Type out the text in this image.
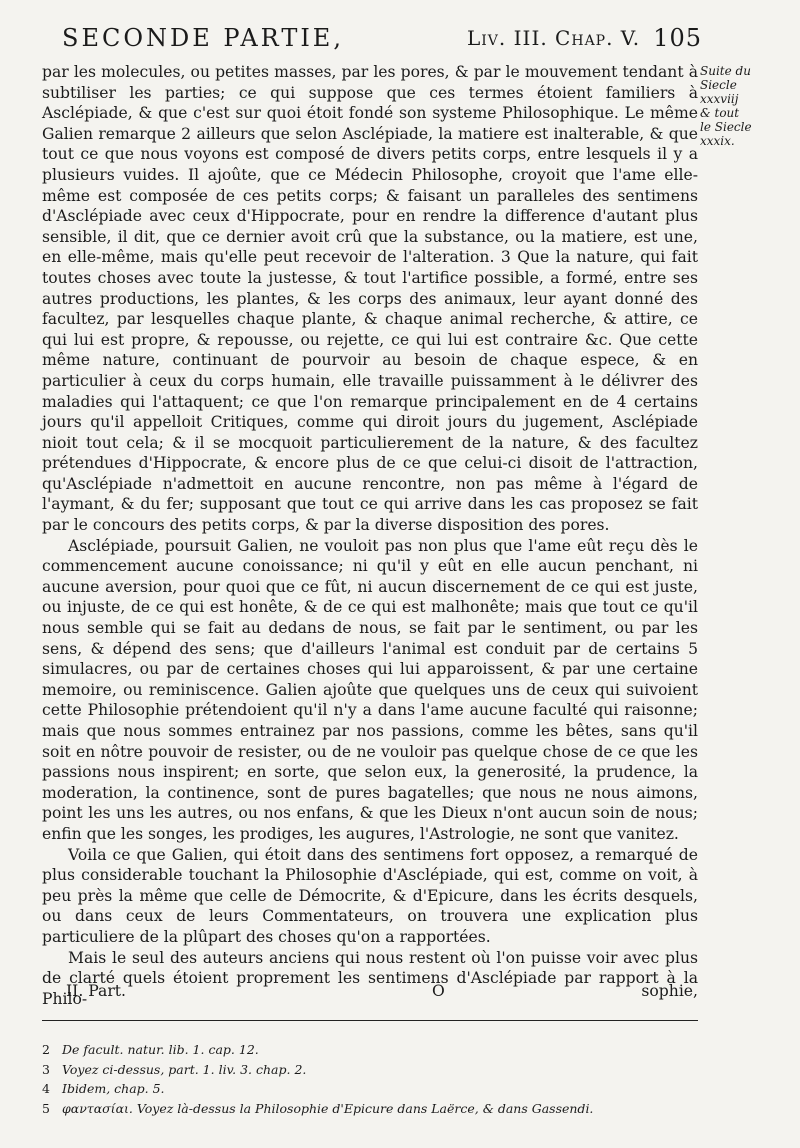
SECONDE PARTIE,	Liv. III. Chap. V. 105
Suite du
Siecle
xxxviij
& tout
le Siecle
xxxix.

par les molecules, ou petites masses, par les pores, & par le mouvement tendant à subtiliser les parties; ce qui suppose que ces termes étoient familiers à Asclépiade, & que c'est sur quoi étoit fondé son systeme Philosophique. Le même Galien remarque 2 ailleurs que selon Asclépiade, la matiere est inalterable, & que tout ce que nous voyons est composé de divers petits corps, entre lesquels il y a plusieurs vuides. Il ajoûte, que ce Médecin Philosophe, croyoit que l'ame elle-même est composée de ces petits corps; & faisant un paralleles des sentimens d'Asclépiade avec ceux d'Hippocrate, pour en rendre la difference d'autant plus sensible, il dit, que ce dernier avoit crû que la substance, ou la matiere, est une, en elle-même, mais qu'elle peut recevoir de l'alteration. 3 Que la nature, qui fait toutes choses avec toute la justesse, & tout l'artifice possible, a formé, entre ses autres productions, les plantes, & les corps des animaux, leur ayant donné des facultez, par lesquelles chaque plante, & chaque animal recherche, & attire, ce qui lui est propre, & repousse, ou rejette, ce qui lui est contraire &c. Que cette même nature, continuant de pourvoir au besoin de chaque espece, & en particulier à ceux du corps humain, elle travaille puissamment à le délivrer des maladies qui l'attaquent; ce que l'on remarque principalement en de 4 certains jours qu'il appelloit Critiques, comme qui diroit jours du jugement, Asclépiade nioit tout cela; & il se mocquoit particulierement de la nature, & des facultez prétendues d'Hippocrate, & encore plus de ce que celui-ci disoit de l'attraction, qu'Asclépiade n'admettoit en aucune rencontre, non pas même à l'égard de l'aymant, & du fer; supposant que tout ce qui arrive dans les cas proposez se fait par le concours des petits corps, & par la diverse disposition des pores.

Asclépiade, poursuit Galien, ne vouloit pas non plus que l'ame eût reçu dès le commencement aucune conoissance; ni qu'il y eût en elle aucun penchant, ni aucune aversion, pour quoi que ce fût, ni aucun discernement de ce qui est juste, ou injuste, de ce qui est honête, & de ce qui est malhonête; mais que tout ce qu'il nous semble qui se fait au dedans de nous, se fait par le sentiment, ou par les sens, & dépend des sens; que d'ailleurs l'animal est conduit par de certains 5 simulacres, ou par de certaines choses qui lui apparoissent, & par une certaine memoire, ou reminiscence. Galien ajoûte que quelques uns de ceux qui suivoient cette Philosophie prétendoient qu'il n'y a dans l'ame aucune faculté qui raisonne; mais que nous sommes entrainez par nos passions, comme les bêtes, sans qu'il soit en nôtre pouvoir de resister, ou de ne vouloir pas quelque chose de ce que les passions nous inspirent; en sorte, que selon eux, la generosité, la prudence, la moderation, la continence, sont de pures bagatelles; que nous ne nous aimons, point les uns les autres, ou nos enfans, & que les Dieux n'ont aucun soin de nous; enfin que les songes, les prodiges, les augures, l'Astrologie, ne sont que vanitez.

Voila ce que Galien, qui étoit dans des sentimens fort opposez, a remarqué de plus considerable touchant la Philosophie d'Asclépiade, qui est, comme on voit, à peu près la même que celle de Démocrite, & d'Epicure, dans les écrits desquels, ou dans ceux de leurs Commentateurs, on trouvera une explication plus particuliere de la plûpart des choses qu'on a rapportées.

Mais le seul des auteurs anciens qui nous restent où l'on puisse voir avec plus de clarté quels étoient proprement les sentimens d'Asclépiade par rapport à la Philo-

II. Part.	O	sophie,
2 De facult. natur. lib. 1. cap. 12.
3 Voyez ci-dessus, part. 1. liv. 3. chap. 2.
4 Ibidem, chap. 5.
5 φαντασίαι. Voyez là-dessus la Philosophie d'Epicure dans Laërce, & dans Gassendi.
